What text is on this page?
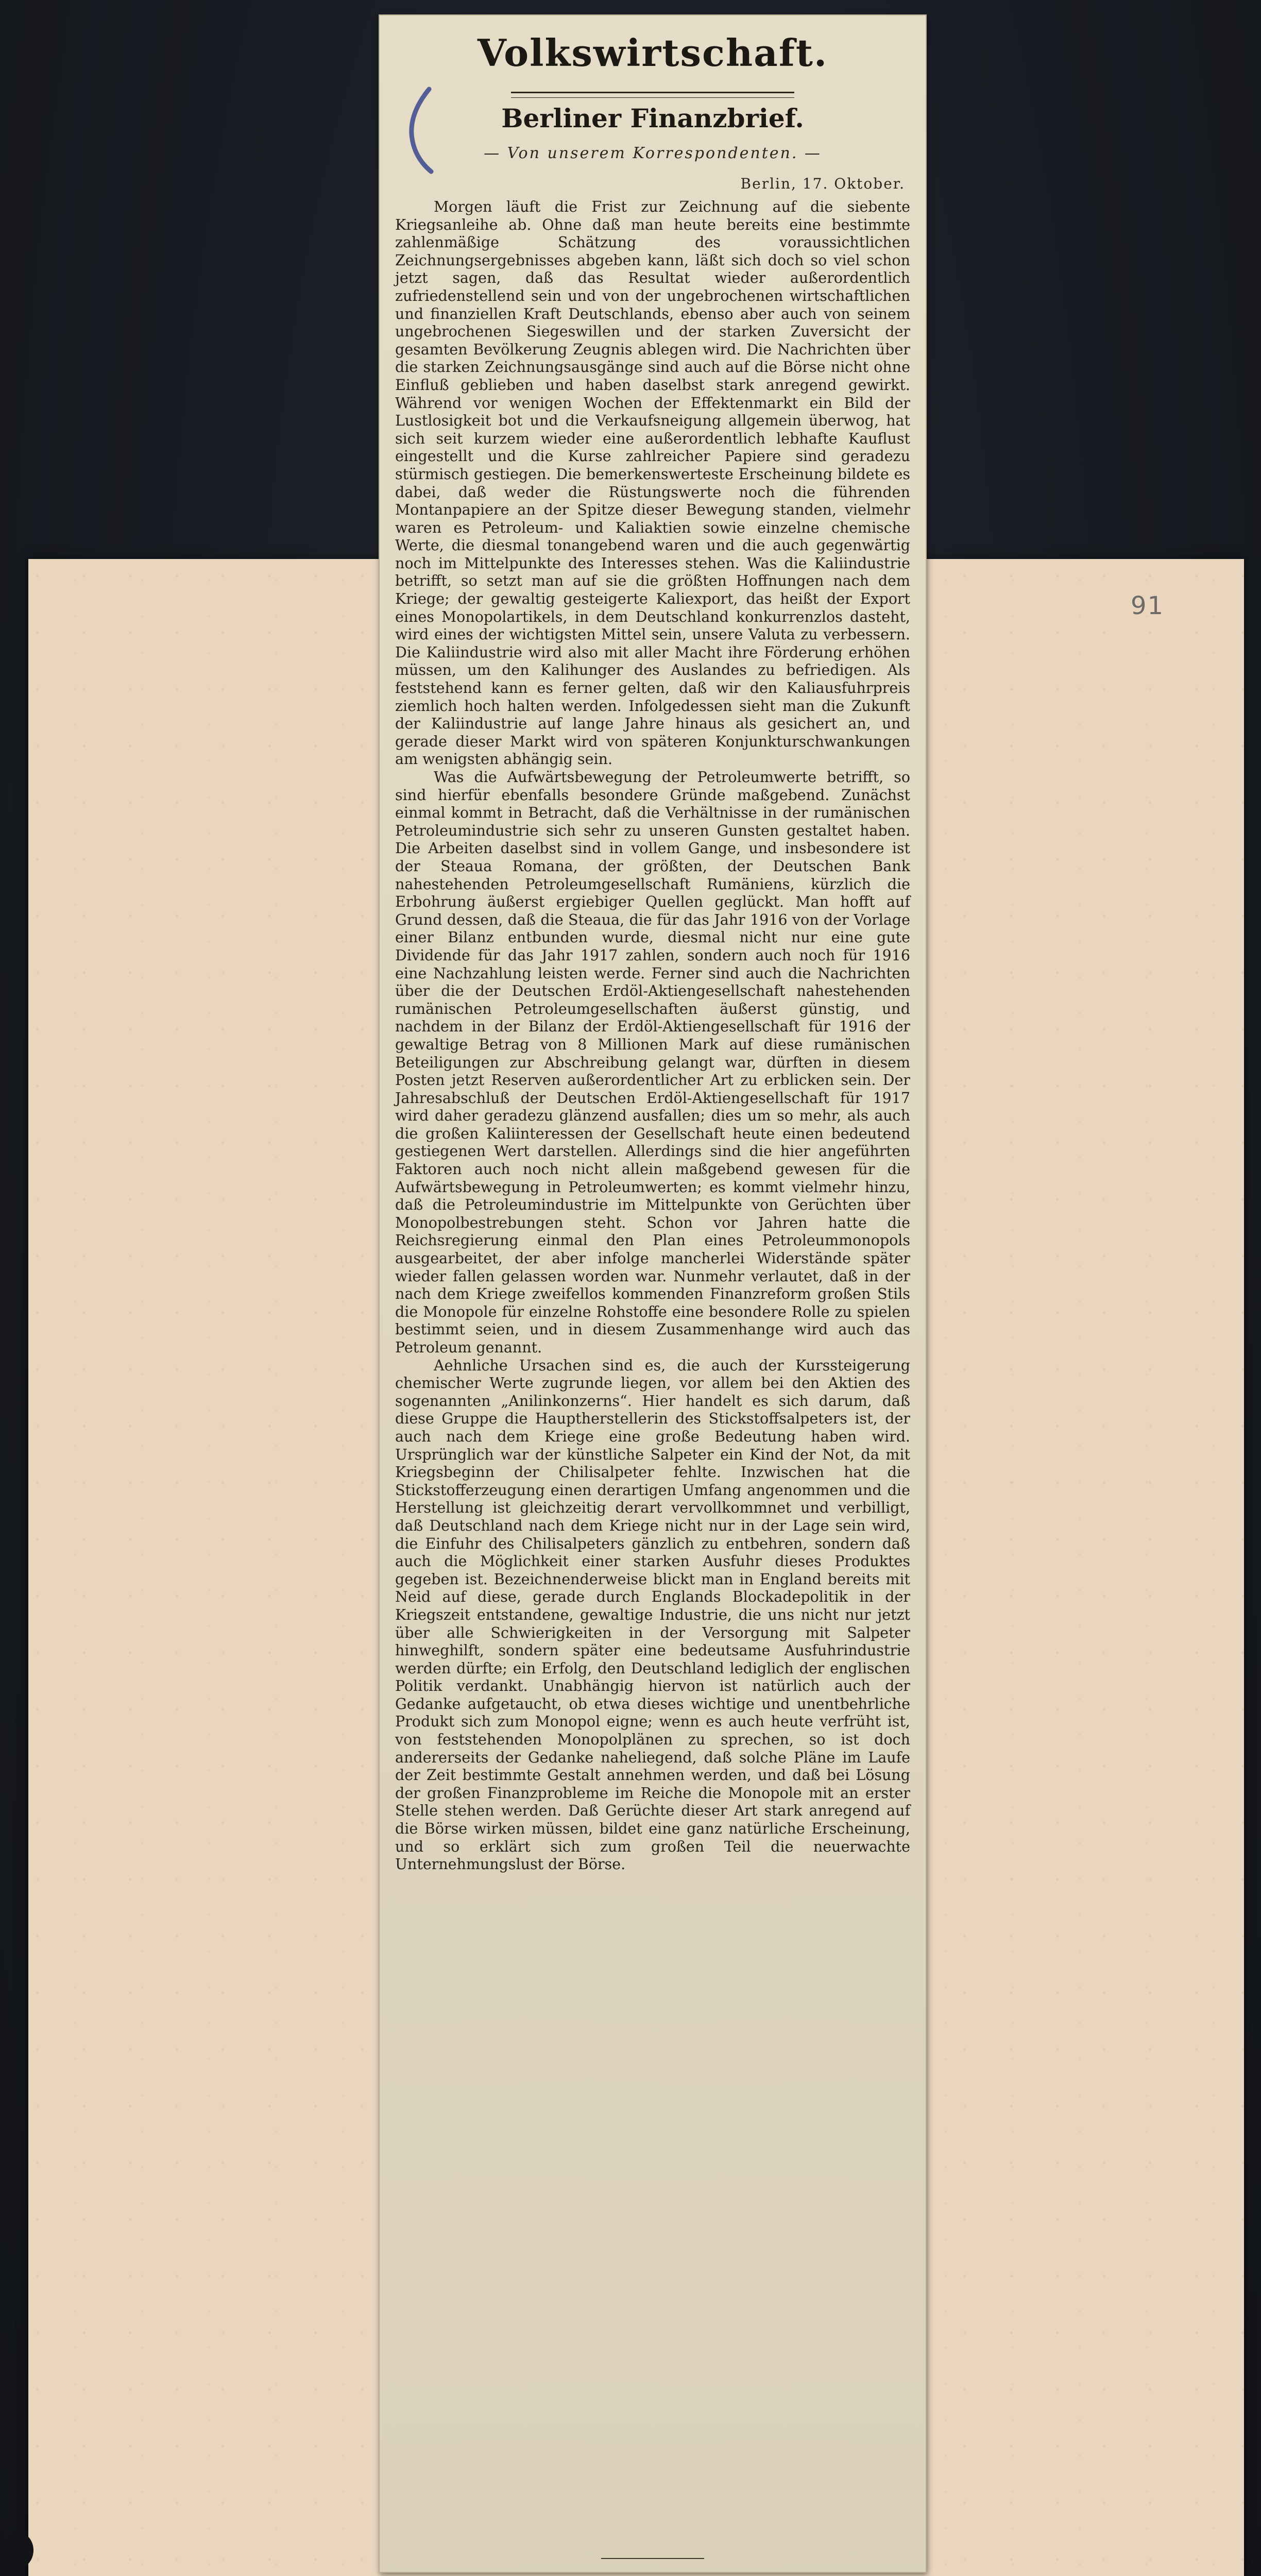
91
Volkswirtschaft.
Berliner Finanzbrief.
— Von unserem Korrespondenten. —
Berlin, 17. Oktober.

Morgen läuft die Frist zur Zeichnung auf die siebente Kriegsanleihe ab. Ohne daß man heute bereits eine bestimmte zahlenmäßige Schätzung des voraussichtlichen Zeichnungsergebnisses abgeben kann, läßt sich doch so viel schon jetzt sagen, daß das Resultat wieder außerordentlich zufriedenstellend sein und von der ungebrochenen wirtschaftlichen und finanziellen Kraft Deutschlands, ebenso aber auch von seinem ungebrochenen Siegeswillen und der starken Zuversicht der gesamten Bevölkerung Zeugnis ablegen wird. Die Nachrichten über die starken Zeichnungsausgänge sind auch auf die Börse nicht ohne Einfluß geblieben und haben daselbst stark anregend gewirkt. Während vor wenigen Wochen der Effektenmarkt ein Bild der Lustlosigkeit bot und die Verkaufsneigung allgemein überwog, hat sich seit kurzem wieder eine außerordentlich lebhafte Kauflust eingestellt und die Kurse zahlreicher Papiere sind geradezu stürmisch gestiegen. Die bemerkenswerteste Erscheinung bildete es dabei, daß weder die Rüstungswerte noch die führenden Montanpapiere an der Spitze dieser Bewegung standen, vielmehr waren es Petroleum- und Kaliaktien sowie einzelne chemische Werte, die diesmal tonangebend waren und die auch gegenwärtig noch im Mittelpunkte des Interesses stehen. Was die Kaliindustrie betrifft, so setzt man auf sie die größten Hoffnungen nach dem Kriege; der gewaltig gesteigerte Kaliexport, das heißt der Export eines Monopolartikels, in dem Deutschland konkurrenzlos dasteht, wird eines der wichtigsten Mittel sein, unsere Valuta zu verbessern. Die Kaliindustrie wird also mit aller Macht ihre Förderung erhöhen müssen, um den Kalihunger des Auslandes zu befriedigen. Als feststehend kann es ferner gelten, daß wir den Kaliausfuhrpreis ziemlich hoch halten werden. Infolgedessen sieht man die Zukunft der Kaliindustrie auf lange Jahre hinaus als gesichert an, und gerade dieser Markt wird von späteren Konjunkturschwankungen am wenigsten abhängig sein.

Was die Aufwärtsbewegung der Petroleumwerte betrifft, so sind hierfür ebenfalls besondere Gründe maßgebend. Zunächst einmal kommt in Betracht, daß die Verhältnisse in der rumänischen Petroleumindustrie sich sehr zu unseren Gunsten gestaltet haben. Die Arbeiten daselbst sind in vollem Gange, und insbesondere ist der Steaua Romana, der größten, der Deutschen Bank nahestehenden Petroleumgesellschaft Rumäniens, kürzlich die Erbohrung äußerst ergiebiger Quellen geglückt. Man hofft auf Grund dessen, daß die Steaua, die für das Jahr 1916 von der Vorlage einer Bilanz entbunden wurde, diesmal nicht nur eine gute Dividende für das Jahr 1917 zahlen, sondern auch noch für 1916 eine Nachzahlung leisten werde. Ferner sind auch die Nachrichten über die der Deutschen Erdöl-Aktiengesellschaft nahestehenden rumänischen Petroleumgesellschaften äußerst günstig, und nachdem in der Bilanz der Erdöl-Aktiengesellschaft für 1916 der gewaltige Betrag von 8 Millionen Mark auf diese rumänischen Beteiligungen zur Abschreibung gelangt war, dürften in diesem Posten jetzt Reserven außerordentlicher Art zu erblicken sein. Der Jahresabschluß der Deutschen Erdöl-Aktiengesellschaft für 1917 wird daher geradezu glänzend ausfallen; dies um so mehr, als auch die großen Kaliinteressen der Gesellschaft heute einen bedeutend gestiegenen Wert darstellen. Allerdings sind die hier angeführten Faktoren auch noch nicht allein maßgebend gewesen für die Aufwärtsbewegung in Petroleumwerten; es kommt vielmehr hinzu, daß die Petroleumindustrie im Mittelpunkte von Gerüchten über Monopolbestrebungen steht. Schon vor Jahren hatte die Reichsregierung einmal den Plan eines Petroleummonopols ausgearbeitet, der aber infolge mancherlei Widerstände später wieder fallen gelassen worden war. Nunmehr verlautet, daß in der nach dem Kriege zweifellos kommenden Finanzreform großen Stils die Monopole für einzelne Rohstoffe eine besondere Rolle zu spielen bestimmt seien, und in diesem Zusammenhange wird auch das Petroleum genannt.

Aehnliche Ursachen sind es, die auch der Kurssteigerung chemischer Werte zugrunde liegen, vor allem bei den Aktien des sogenannten „Anilinkonzerns“. Hier handelt es sich darum, daß diese Gruppe die Hauptherstellerin des Stickstoffsalpeters ist, der auch nach dem Kriege eine große Bedeutung haben wird. Ursprünglich war der künstliche Salpeter ein Kind der Not, da mit Kriegsbeginn der Chilisalpeter fehlte. Inzwischen hat die Stickstofferzeugung einen derartigen Umfang angenommen und die Herstellung ist gleichzeitig derart vervollkommnet und verbilligt, daß Deutschland nach dem Kriege nicht nur in der Lage sein wird, die Einfuhr des Chilisalpeters gänzlich zu entbehren, sondern daß auch die Möglichkeit einer starken Ausfuhr dieses Produktes gegeben ist. Bezeichnenderweise blickt man in England bereits mit Neid auf diese, gerade durch Englands Blockadepolitik in der Kriegszeit entstandene, gewaltige Industrie, die uns nicht nur jetzt über alle Schwierigkeiten in der Versorgung mit Salpeter hinweghilft, sondern später eine bedeutsame Ausfuhrindustrie werden dürfte; ein Erfolg, den Deutschland lediglich der englischen Politik verdankt. Unabhängig hiervon ist natürlich auch der Gedanke aufgetaucht, ob etwa dieses wichtige und unentbehrliche Produkt sich zum Monopol eigne; wenn es auch heute verfrüht ist, von feststehenden Monopolplänen zu sprechen, so ist doch andererseits der Gedanke naheliegend, daß solche Pläne im Laufe der Zeit bestimmte Gestalt annehmen werden, und daß bei Lösung der großen Finanzprobleme im Reiche die Monopole mit an erster Stelle stehen werden. Daß Gerüchte dieser Art stark anregend auf die Börse wirken müssen, bildet eine ganz natürliche Erscheinung, und so erklärt sich zum großen Teil die neuerwachte Unternehmungslust der Börse.
